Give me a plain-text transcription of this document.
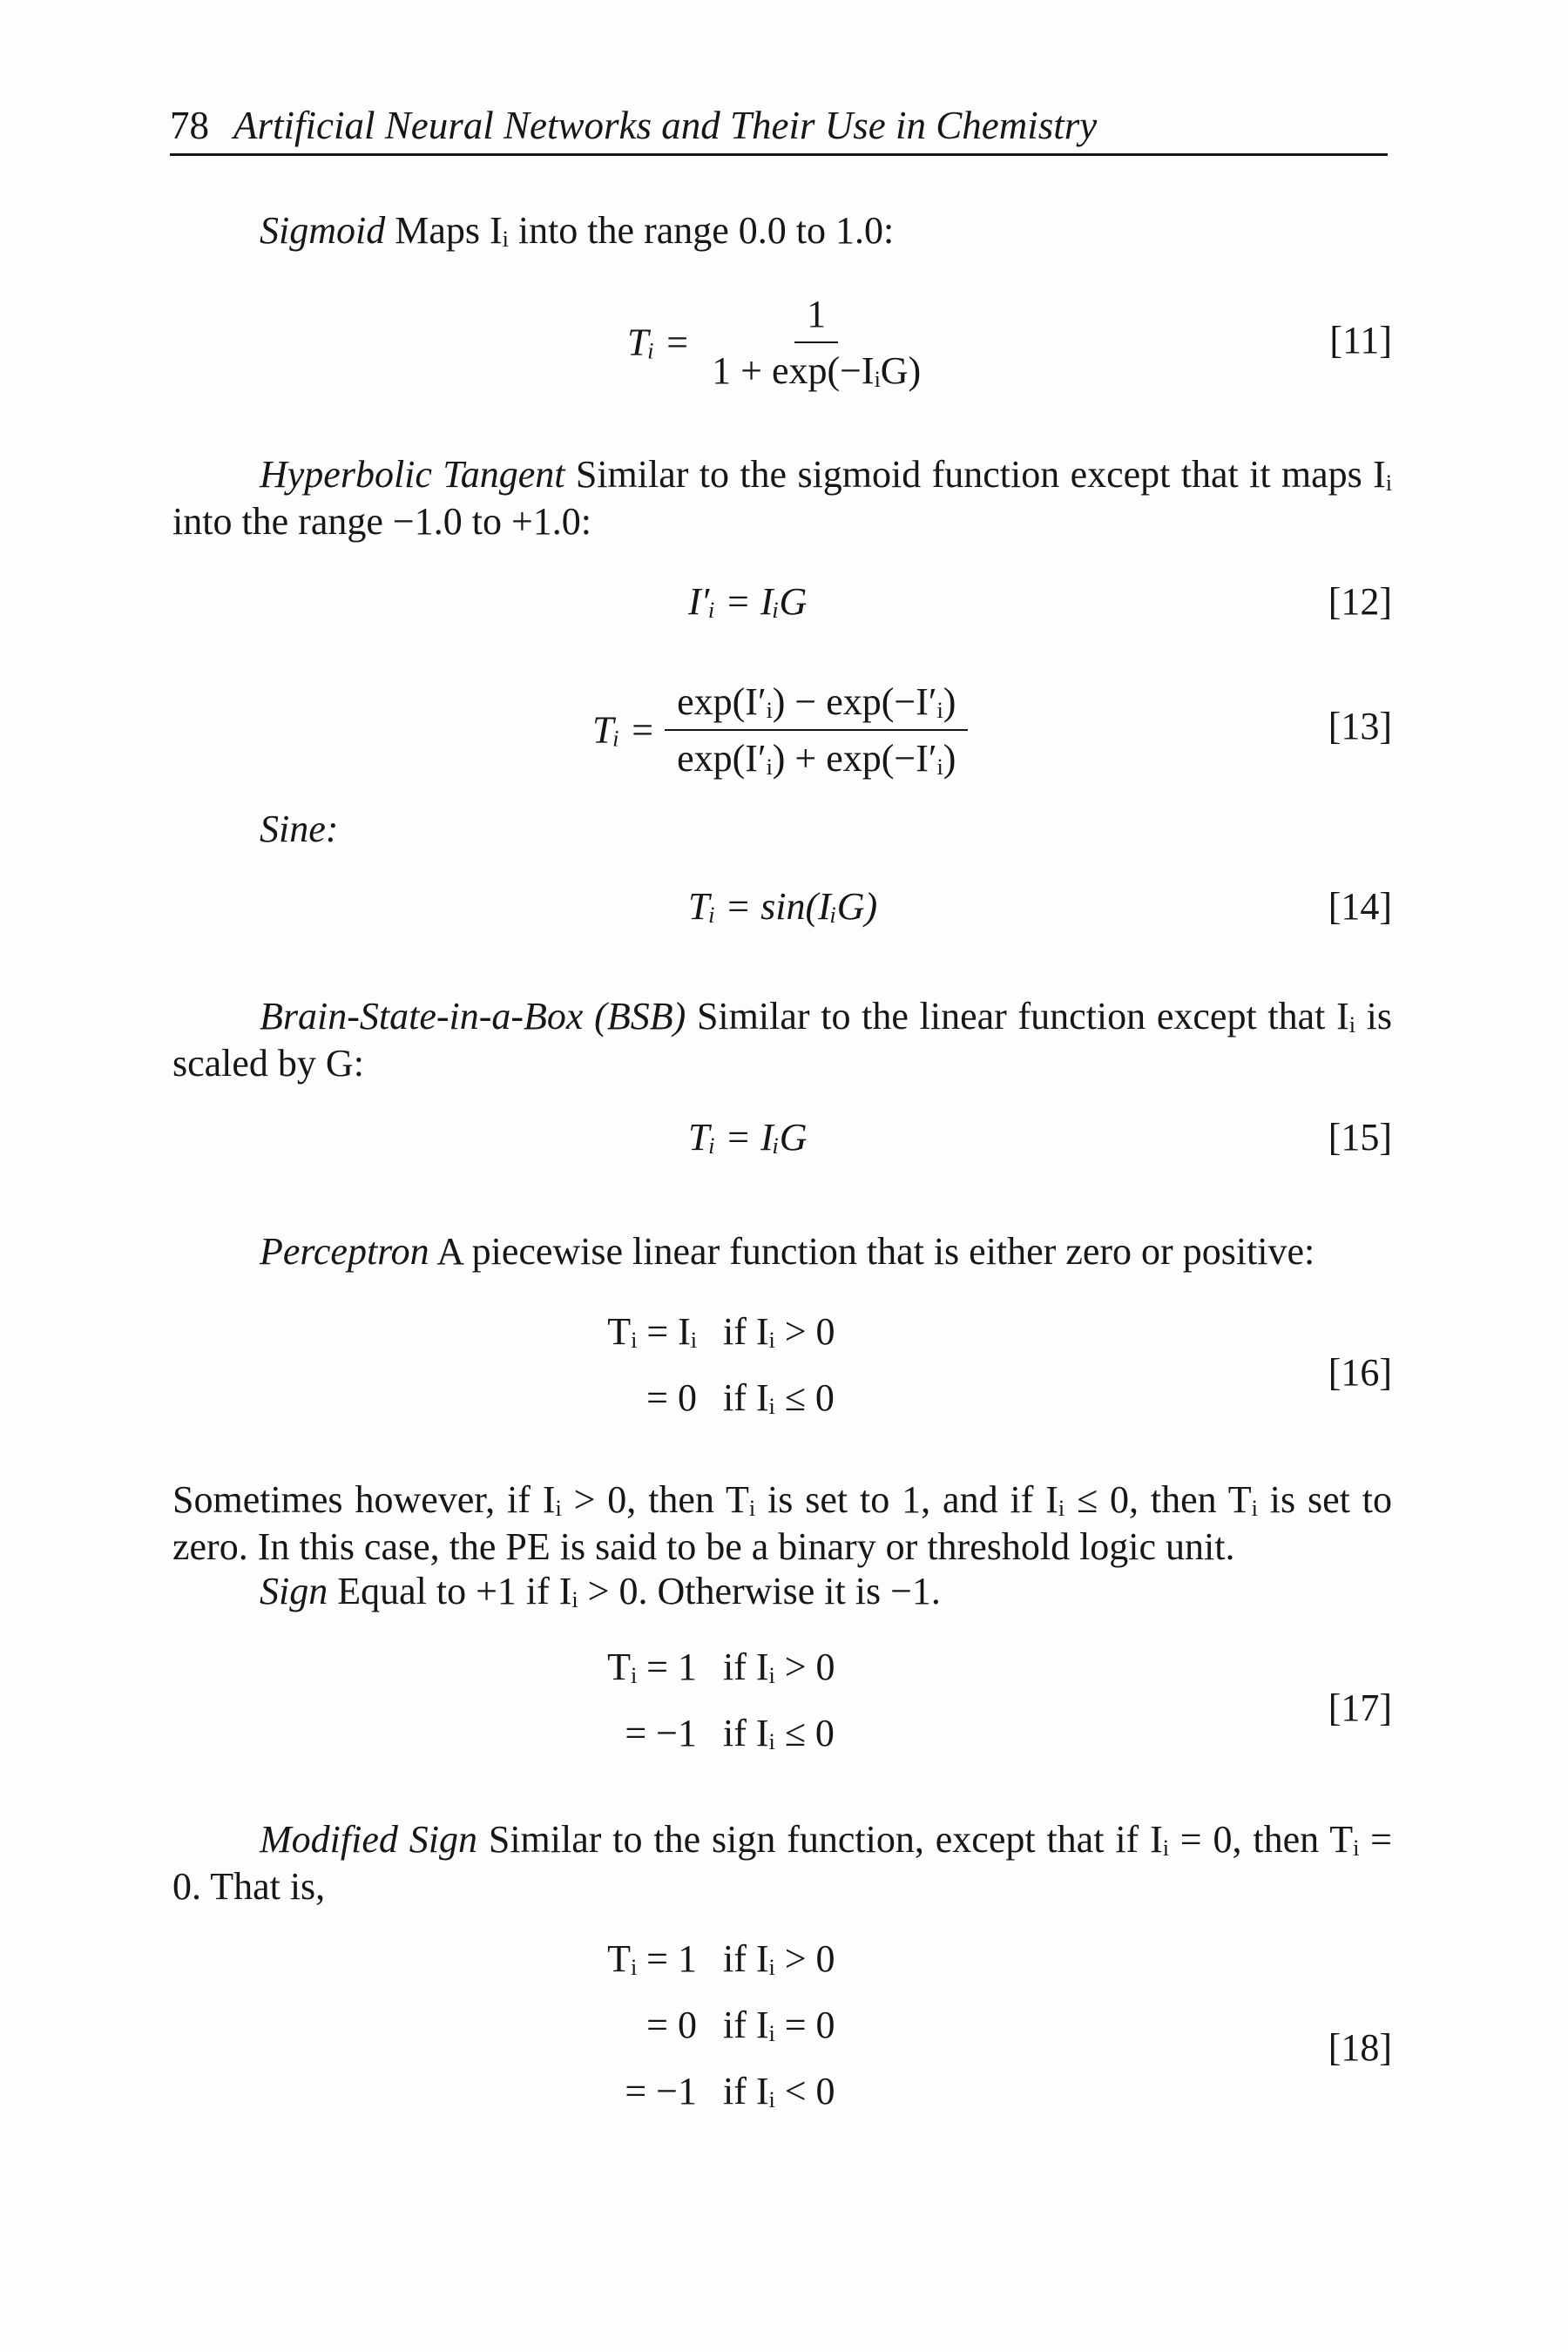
78 Artificial Neural Networks and Their Use in Chemistry
Sigmoid Maps Iᵢ into the range 0.0 to 1.0:
Tᵢ = $\frac{1}{\text{1 + exp(−IᵢG)}}$	[11]
Hyperbolic Tangent Similar to the sigmoid function except that it maps Iᵢ into the range −1.0 to +1.0:
I′ᵢ = IᵢG	[12]
Tᵢ = $\frac{\text{exp(I′ᵢ) − exp(−I′ᵢ)}}{\text{exp(I′ᵢ) + exp(−I′ᵢ)}}$	[13]
Sine:
Tᵢ = sin(IᵢG)	[14]
Brain-State-in-a-Box (BSB) Similar to the linear function except that Iᵢ is scaled by G:
Tᵢ = IᵢG	[15]
Perceptron A piecewise linear function that is either zero or positive:
Tᵢ = Iᵢ if Iᵢ > 0
= 0 if Iᵢ ≤ 0
[16]
Sometimes however, if Iᵢ > 0, then Tᵢ is set to 1, and if Iᵢ ≤ 0, then Tᵢ is set to zero. In this case, the PE is said to be a binary or threshold logic unit.
Sign Equal to +1 if Iᵢ > 0. Otherwise it is −1.
Tᵢ = 1 if Iᵢ > 0
= −1 if Iᵢ ≤ 0
[17]
Modified Sign Similar to the sign function, except that if Iᵢ = 0, then Tᵢ = 0. That is,
Tᵢ = 1 if Iᵢ > 0
= 0 if Iᵢ = 0
= −1 if Iᵢ < 0
[18]
